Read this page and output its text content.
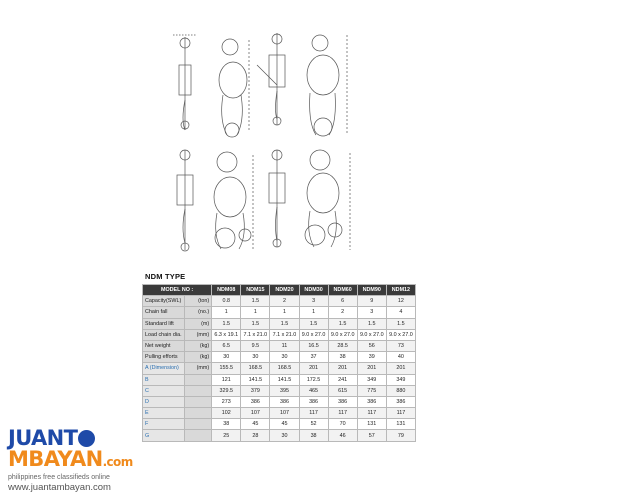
NDM TYPE
MODEL NO :		NDM08	NDM15	NDM20	NDM30	NDM60	NDM90	NDM12
Capacity(SWL)	(ton)	0.8	1.5	2	3	6	9	12
Chain fall	(no.)	1	1	1	1	2	3	4
Standard lift	(m)	1.5	1.5	1.5	1.5	1.5	1.5	1.5
Load chain dia.	(mm)	6.3 x 19.1	7.1 x 21.0	7.1 x 21.0	9.0 x 27.0	9.0 x 27.0	9.0 x 27.0	9.0 x 27.0
Net weight	(kg)	6.5	9.5	11	16.5	28.5	56	73
Pulling efforts	(kg)	30	30	30	37	38	39	40
A (Dimension)	(mm)	155.5	168.5	168.5	201	201	201	201
B		121	141.5	141.5	172.5	241	349	349
C		329.5	379	395	465	615	775	880
D		273	386	386	386	386	386	386
E		102	107	107	117	117	117	117
F		38	45	45	52	70	131	131
G		25	28	30	38	46	57	79
JUANTMBAYAN.com
philippines free classifieds online
www.juantambayan.com
